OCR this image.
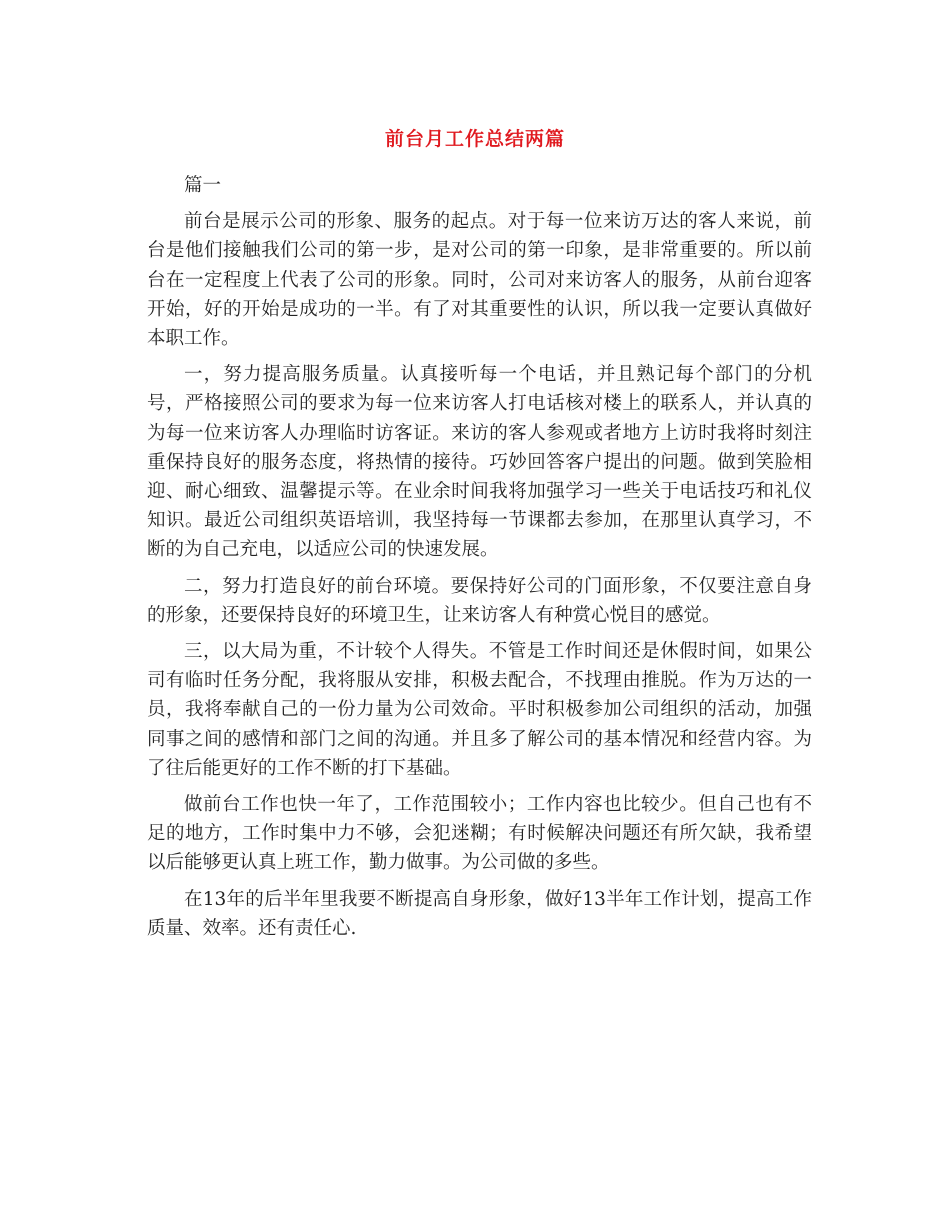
前台月工作总结两篇

篇一

前台是展示公司的形象、服务的起点。对于每一位来访万达的客人来说，前台是他们接触我们公司的第一步，是对公司的第一印象，是非常重要的。所以前台在一定程度上代表了公司的形象。同时，公司对来访客人的服务，从前台迎客开始，好的开始是成功的一半。有了对其重要性的认识，所以我一定要认真做好本职工作。

一，努力提高服务质量。认真接听每一个电话，并且熟记每个部门的分机号，严格接照公司的要求为每一位来访客人打电话核对楼上的联系人，并认真的为每一位来访客人办理临时访客证。来访的客人参观或者地方上访时我将时刻注重保持良好的服务态度，将热情的接待。巧妙回答客户提出的问题。做到笑脸相迎、耐心细致、温馨提示等。在业余时间我将加强学习一些关于电话技巧和礼仪知识。最近公司组织英语培训，我坚持每一节课都去参加，在那里认真学习，不断的为自己充电，以适应公司的快速发展。

二，努力打造良好的前台环境。要保持好公司的门面形象，不仅要注意自身的形象，还要保持良好的环境卫生，让来访客人有种赏心悦目的感觉。

三，以大局为重，不计较个人得失。不管是工作时间还是休假时间，如果公司有临时任务分配，我将服从安排，积极去配合，不找理由推脱。作为万达的一员，我将奉献自己的一份力量为公司效命。平时积极参加公司组织的活动，加强同事之间的感情和部门之间的沟通。并且多了解公司的基本情况和经营内容。为了往后能更好的工作不断的打下基础。

做前台工作也快一年了，工作范围较小；工作内容也比较少。但自己也有不足的地方，工作时集中力不够，会犯迷糊；有时候解决问题还有所欠缺，我希望以后能够更认真上班工作，勤力做事。为公司做的多些。

在13年的后半年里我要不断提高自身形象，做好13半年工作计划，提高工作质量、效率。还有责任心.
